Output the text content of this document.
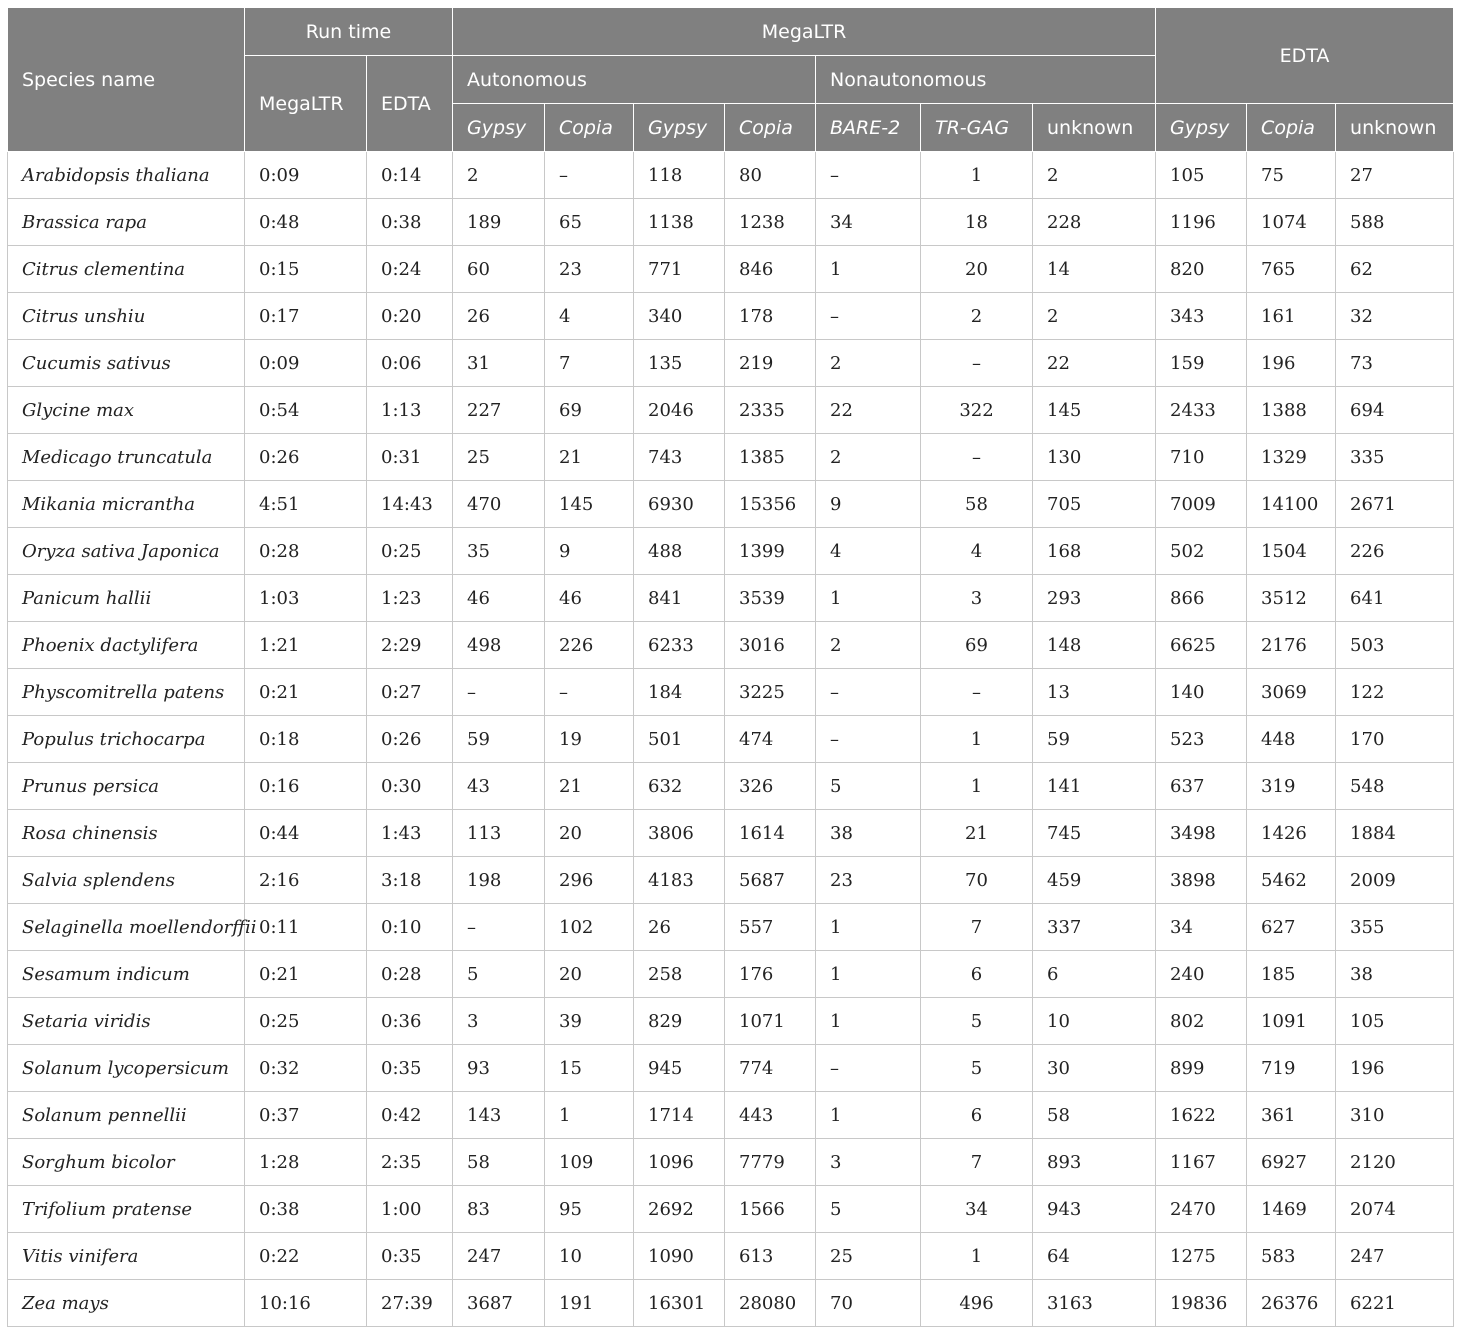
Species name	Run time		MegaLTR							EDTA		
	MegaLTR	EDTA	Autonomous				Nonautonomous					
			Gypsy	Copia	Gypsy	Copia	BARE-2	TR-GAG	unknown	Gypsy	Copia	unknown
Arabidopsis thaliana	0:09	0:14	2	–	118	80	–	1	2	105	75	27
Brassica rapa	0:48	0:38	189	65	1138	1238	34	18	228	1196	1074	588
Citrus clementina	0:15	0:24	60	23	771	846	1	20	14	820	765	62
Citrus unshiu	0:17	0:20	26	4	340	178	–	2	2	343	161	32
Cucumis sativus	0:09	0:06	31	7	135	219	2	–	22	159	196	73
Glycine max	0:54	1:13	227	69	2046	2335	22	322	145	2433	1388	694
Medicago truncatula	0:26	0:31	25	21	743	1385	2	–	130	710	1329	335
Mikania micrantha	4:51	14:43	470	145	6930	15356	9	58	705	7009	14100	2671
Oryza sativa Japonica	0:28	0:25	35	9	488	1399	4	4	168	502	1504	226
Panicum hallii	1:03	1:23	46	46	841	3539	1	3	293	866	3512	641
Phoenix dactylifera	1:21	2:29	498	226	6233	3016	2	69	148	6625	2176	503
Physcomitrella patens	0:21	0:27	–	–	184	3225	–	–	13	140	3069	122
Populus trichocarpa	0:18	0:26	59	19	501	474	–	1	59	523	448	170
Prunus persica	0:16	0:30	43	21	632	326	5	1	141	637	319	548
Rosa chinensis	0:44	1:43	113	20	3806	1614	38	21	745	3498	1426	1884
Salvia splendens	2:16	3:18	198	296	4183	5687	23	70	459	3898	5462	2009
Selaginella moellendorffii	0:11	0:10	–	102	26	557	1	7	337	34	627	355
Sesamum indicum	0:21	0:28	5	20	258	176	1	6	6	240	185	38
Setaria viridis	0:25	0:36	3	39	829	1071	1	5	10	802	1091	105
Solanum lycopersicum	0:32	0:35	93	15	945	774	–	5	30	899	719	196
Solanum pennellii	0:37	0:42	143	1	1714	443	1	6	58	1622	361	310
Sorghum bicolor	1:28	2:35	58	109	1096	7779	3	7	893	1167	6927	2120
Trifolium pratense	0:38	1:00	83	95	2692	1566	5	34	943	2470	1469	2074
Vitis vinifera	0:22	0:35	247	10	1090	613	25	1	64	1275	583	247
Zea mays	10:16	27:39	3687	191	16301	28080	70	496	3163	19836	26376	6221
